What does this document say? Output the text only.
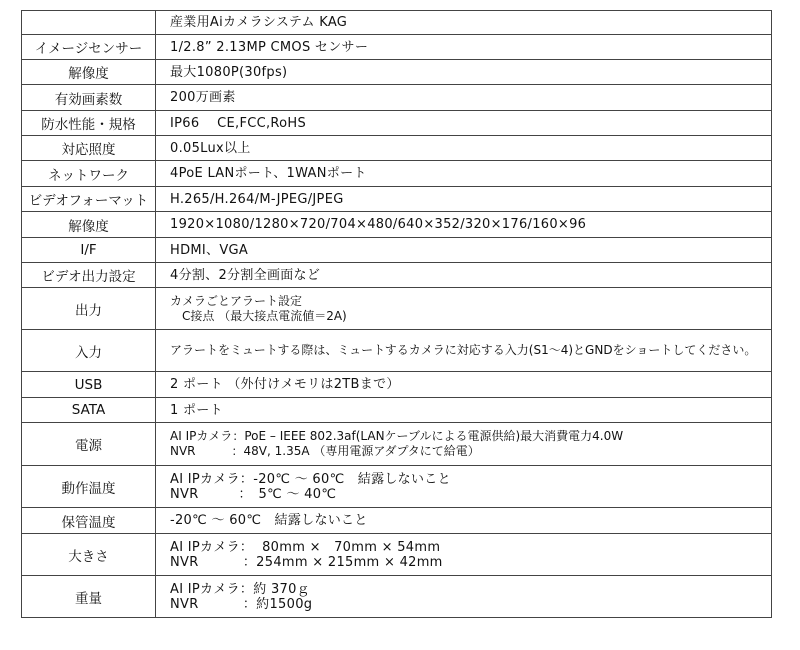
	産業用Aiカメラシステム KAG

イメージセンサー	1/2.8” 2.13MP CMOS センサー

解像度	最大1080P(30fps)

有効画素数	200万画素

防水性能・規格	IP66　 CE,FCC,RoHS

対応照度	0.05Lux以上

ネットワーク	4PoE LANポート、1WANポート

ビデオフォーマット	H.265/H.264/M-JPEG/JPEG

解像度	1920×1080/1280×720/704×480/640×352/320×176/160×96

I/F	HDMI、VGA

ビデオ出力設定	4分割、2分割全画面など

出力	カメラごとアラート設定
　C接点 （最大接点電流値＝2A)

入力	アラートをミュートする際は、ミュートするカメラに対応する入力(S1～4)とGNDをショートしてください。

USB	2 ポート （外付けメモリは2TBまで）

SATA	1 ポート

電源	AI IPカメラ：PoE – IEEE 802.3af(LANケーブルによる電源供給)最大消費電力4.0W
NVR　　　：48V, 1.35A （専用電源アダプタにて給電）

動作温度	AI IPカメラ：-20℃ ～ 60℃　結露しないこと
NVR　　　：　5℃ ～ 40℃

保管温度	-20℃ ～ 60℃　結露しないこと

大きさ	AI IPカメラ：  80mm ×　70mm × 54mm
NVR　　　 ：254mm × 215mm × 42mm

重量	AI IPカメラ：約 370ｇ
NVR　　　 ：約1500g
